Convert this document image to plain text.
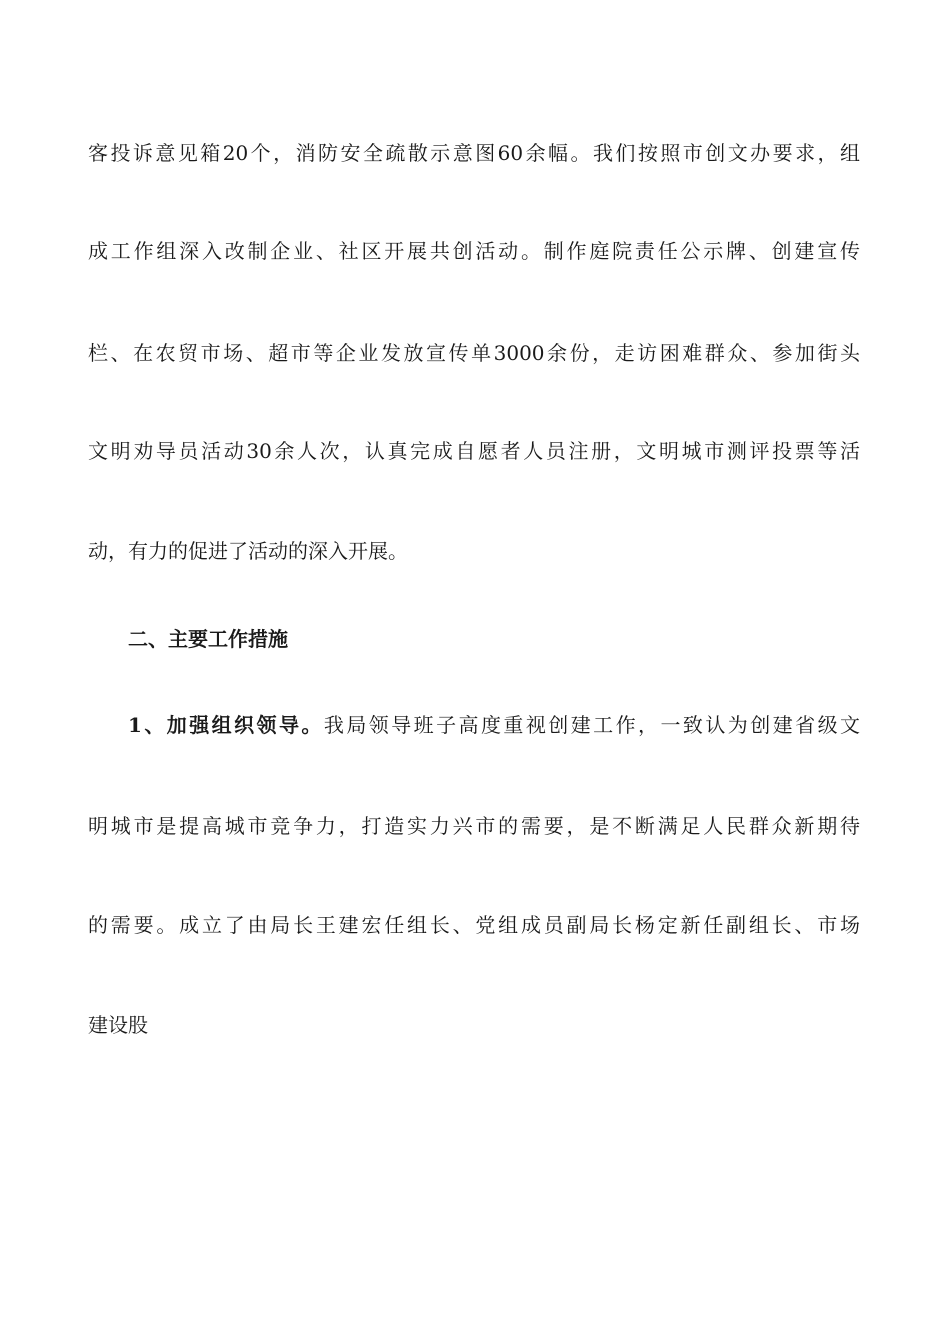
客投诉意见箱20个，消防安全疏散示意图60余幅。我们按照市创文办要求，组
成工作组深入改制企业、社区开展共创活动。制作庭院责任公示牌、创建宣传
栏、在农贸市场、超市等企业发放宣传单3000余份，走访困难群众、参加街头
文明劝导员活动30余人次，认真完成自愿者人员注册，文明城市测评投票等活
动，有力的促进了活动的深入开展。
二、主要工作措施
1、加强组织领导。我局领导班子高度重视创建工作，一致认为创建省级文
明城市是提高城市竞争力，打造实力兴市的需要，是不断满足人民群众新期待
的需要。成立了由局长王建宏任组长、党组成员副局长杨定新任副组长、市场
建设股
